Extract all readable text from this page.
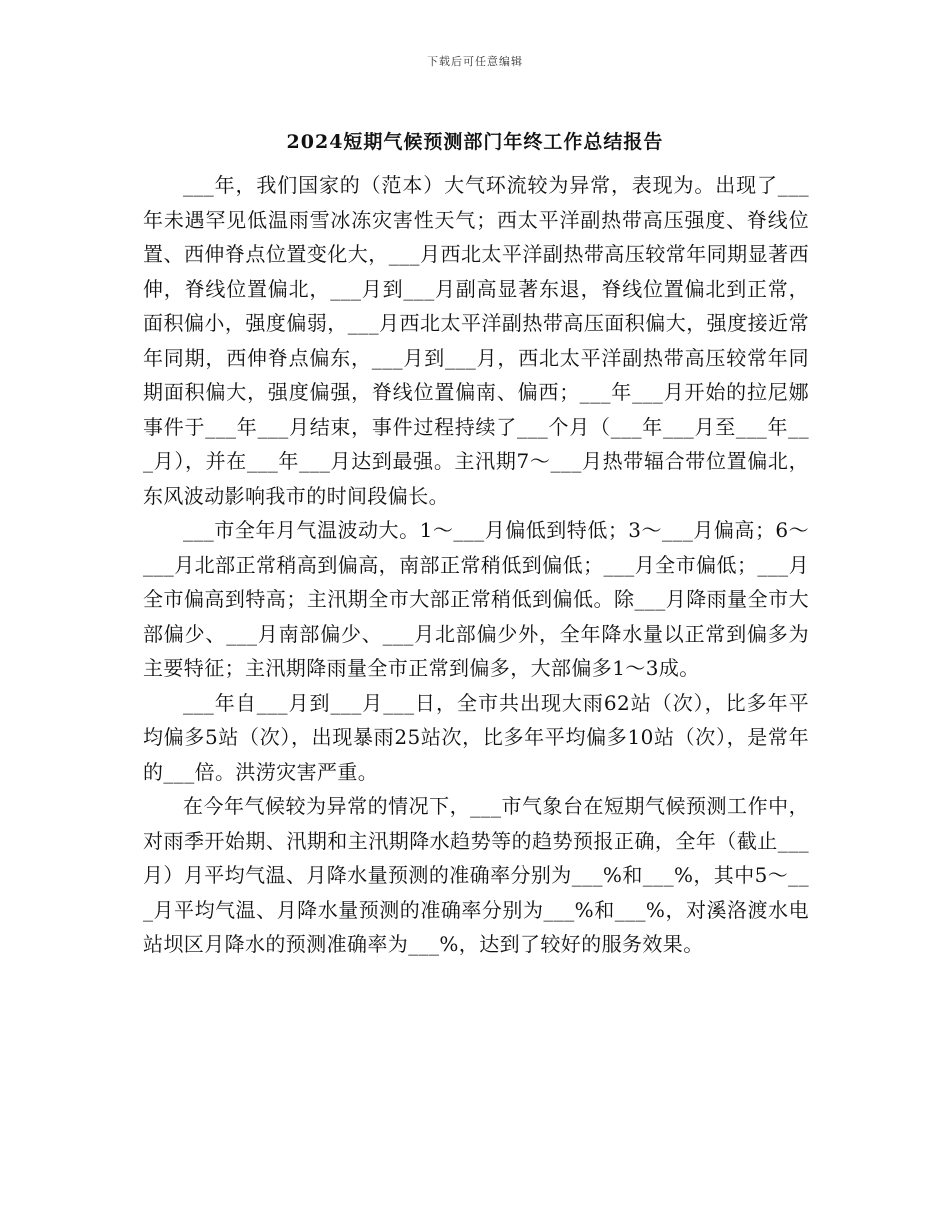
下载后可任意编辑
2024短期气候预测部门年终工作总结报告

___年，我们国家的（范本）大气环流较为异常，表现为。出现了___年未遇罕见低温雨雪冰冻灾害性天气；西太平洋副热带高压强度、脊线位置、西伸脊点位置变化大，___月西北太平洋副热带高压较常年同期显著西伸，脊线位置偏北，___月到___月副高显著东退，脊线位置偏北到正常，面积偏小，强度偏弱，___月西北太平洋副热带高压面积偏大，强度接近常年同期，西伸脊点偏东，___月到___月，西北太平洋副热带高压较常年同期面积偏大，强度偏强，脊线位置偏南、偏西；___年___月开始的拉尼娜事件于___年___月结束，事件过程持续了___个月（___年___月至___年___月），并在___年___月达到最强。主汛期7～___月热带辐合带位置偏北，东风波动影响我市的时间段偏长。

___市全年月气温波动大。1～___月偏低到特低；3～___月偏高；6～___月北部正常稍高到偏高，南部正常稍低到偏低；___月全市偏低；___月全市偏高到特高；主汛期全市大部正常稍低到偏低。除___月降雨量全市大部偏少、___月南部偏少、___月北部偏少外，全年降水量以正常到偏多为主要特征；主汛期降雨量全市正常到偏多，大部偏多1～3成。

___年自___月到___月___日，全市共出现大雨62站（次），比多年平均偏多5站（次），出现暴雨25站次，比多年平均偏多10站（次），是常年的___倍。洪涝灾害严重。

在今年气候较为异常的情况下，___市气象台在短期气候预测工作中，对雨季开始期、汛期和主汛期降水趋势等的趋势预报正确，全年（截止___月）月平均气温、月降水量预测的准确率分别为___%和___%，其中5～___月平均气温、月降水量预测的准确率分别为___%和___%，对溪洛渡水电站坝区月降水的预测准确率为___%，达到了较好的服务效果。
